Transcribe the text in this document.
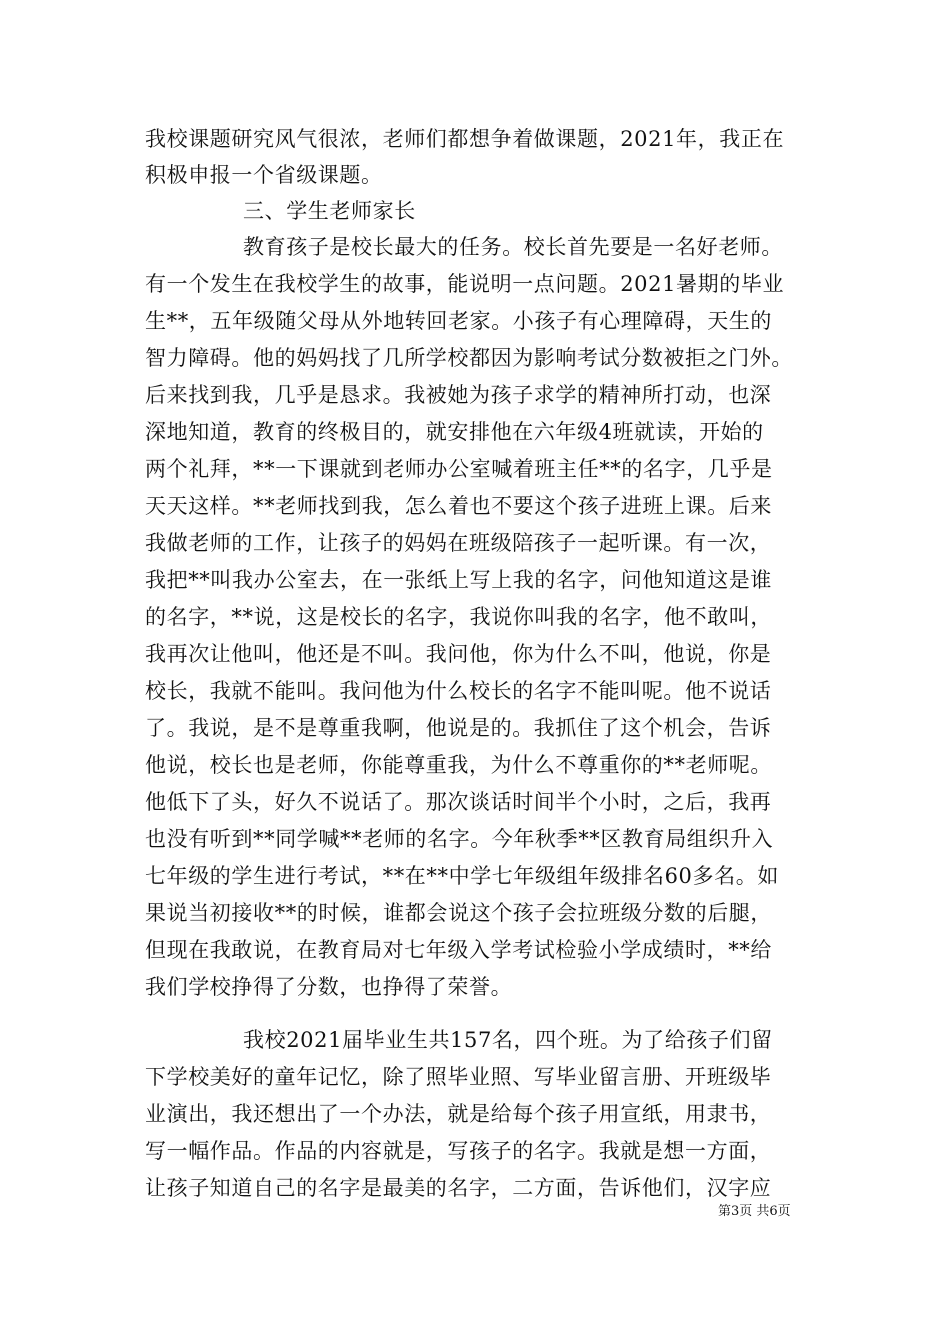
我校课题研究风气很浓，老师们都想争着做课题，2021年，我正在
积极申报一个省级课题。
三、学生老师家长
教育孩子是校长最大的任务。校长首先要是一名好老师。
有一个发生在我校学生的故事，能说明一点问题。2021暑期的毕业
生**，五年级随父母从外地转回老家。小孩子有心理障碍，天生的
智力障碍。他的妈妈找了几所学校都因为影响考试分数被拒之门外。
后来找到我，几乎是恳求。我被她为孩子求学的精神所打动，也深
深地知道，教育的终极目的，就安排他在六年级4班就读，开始的
两个礼拜，**一下课就到老师办公室喊着班主任**的名字，几乎是
天天这样。**老师找到我，怎么着也不要这个孩子进班上课。后来
我做老师的工作，让孩子的妈妈在班级陪孩子一起听课。有一次，
我把**叫我办公室去，在一张纸上写上我的名字，问他知道这是谁
的名字，**说，这是校长的名字，我说你叫我的名字，他不敢叫，
我再次让他叫，他还是不叫。我问他，你为什么不叫，他说，你是
校长，我就不能叫。我问他为什么校长的名字不能叫呢。他不说话
了。我说，是不是尊重我啊，他说是的。我抓住了这个机会，告诉
他说，校长也是老师，你能尊重我，为什么不尊重你的**老师呢。
他低下了头，好久不说话了。那次谈话时间半个小时，之后，我再
也没有听到**同学喊**老师的名字。今年秋季**区教育局组织升入
七年级的学生进行考试，**在**中学七年级组年级排名60多名。如
果说当初接收**的时候，谁都会说这个孩子会拉班级分数的后腿，
但现在我敢说，在教育局对七年级入学考试检验小学成绩时，**给
我们学校挣得了分数，也挣得了荣誉。
我校2021届毕业生共157名，四个班。为了给孩子们留
下学校美好的童年记忆，除了照毕业照、写毕业留言册、开班级毕
业演出，我还想出了一个办法，就是给每个孩子用宣纸，用隶书，
写一幅作品。作品的内容就是，写孩子的名字。我就是想一方面，
让孩子知道自己的名字是最美的名字，二方面，告诉他们，汉字应
第3页 共6页
